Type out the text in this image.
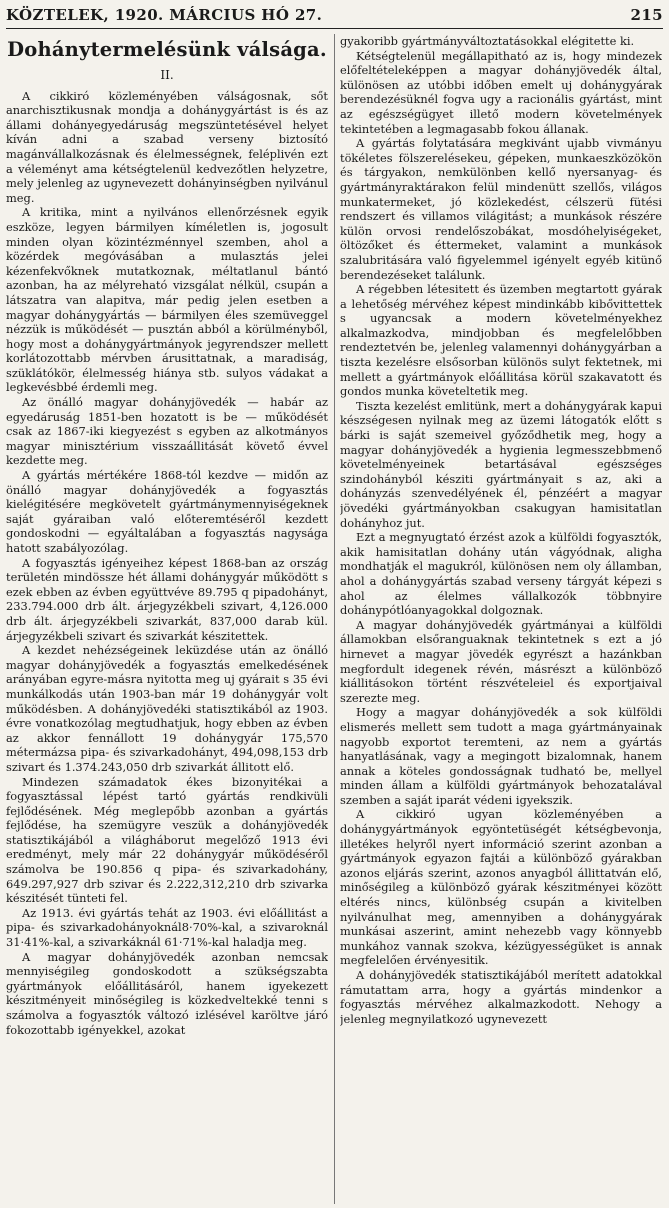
KÖZTELEK, 1920. MÁRCIUS HÓ 27.	215
Dohánytermelésünk válsága.
II.

A cikkiró közleményében válságosnak, sőt anarchisztikusnak mondja a dohánygyártást is és az állami dohányegyedáruság megszüntetésével helyet kíván adni a szabad verseny biztosító magánvállalkozásnak és élelmességnek, feléplivén ezt a véleményt ama kétségtelenül kedvezőtlen helyzetre, mely jelenleg az ugynevezett dohányinségben nyilvánul meg.

A kritika, mint a nyilvános ellenőrzésnek egyik eszköze, legyen bármilyen kíméletlen is, jogosult minden olyan közintézménnyel szemben, ahol a közérdek megóvásában a mulasztás jelei kézenfekvőknek mutatkoznak, méltatlanul bántó azonban, ha az mélyreható vizsgálat nélkül, csupán a látszatra van alapitva, már pedig jelen esetben a magyar dohánygyártás — bármilyen éles szemüveggel nézzük is működését — pusztán abból a körülményből, hogy most a dohánygyártmányok jegyrendszer mellett korlátozottabb mérvben árusittatnak, a maradiság, szüklátókör, élelmesség hiánya stb. sulyos vádakat a legkevésbbé érdemli meg.

Az önálló magyar dohányjövedék — habár az egyedáruság 1851-ben hozatott is be — működését csak az 1867-iki kiegyezést s egyben az alkotmányos magyar minisztérium visszaállitását követő évvel kezdette meg.

A gyártás mértékére 1868-tól kezdve — midőn az önálló magyar dohányjövedék a fogyasztás kielégitésére megkövetelt gyártmánymennyiségeknek saját gyáraiban való előteremtéséről kezdett gondoskodni — egyáltalában a fogyasztás nagysága hatott szabályozólag.

A fogyasztás igényeihez képest 1868-ban az ország területén mindössze hét állami dohánygyár működött s ezek ebben az évben együttvéve 89.795 q pipadohányt, 233.794.000 drb ált. árjegyzékbeli szivart, 4,126.000 drb ált. árjegyzékbeli szivarkát, 837,000 darab kül. árjegyzékbeli szivart és szivarkát készitettek.

A kezdet nehézségeinek leküzdése után az önálló magyar dohányjövedék a fogyasztás emelkedésének arányában egyre-másra nyitotta meg uj gyárait s 35 évi munkálkodás után 1903-ban már 19 dohánygyár volt működésben. A dohányjövedéki statisztikából az 1903. évre vonatkozólag megtudhatjuk, hogy ebben az évben az akkor fennállott 19 dohánygyár 175,570 métermázsa pipa- és szivarkadohányt, 494,098,153 drb szivart és 1.374.243,050 drb szivarkát állitott elő.

Mindezen számadatok ékes bizonyitékai a fogyasztással lépést tartó gyártás rendkivüli fejlődésének. Még meglepőbb azonban a gyártás fejlődése, ha szemügyre veszük a dohányjövedék statisztikájából a világháborut megelőző 1913 évi eredményt, mely már 22 dohánygyár működéséről számolva be 190.856 q pipa- és szivarkadohány, 649.297,927 drb szivar és 2.222,312,210 drb szivarka készitését tünteti fel.

Az 1913. évi gyártás tehát az 1903. évi előállitást a pipa- és szivarkadohányoknál8·70%-kal, a szivaroknál 31·41%-kal, a szivarkáknál 61·71%-kal haladja meg.

A magyar dohányjövedék azonban nemcsak mennyiségileg gondoskodott a szükségszabta gyártmányok előállitásáról, hanem igyekezett készitményeit minőségileg is közkedveltekké tenni s számolva a fogyasztók változó izlésével karöltve járó fokozottabb igényekkel, azokat

gyakoribb gyártmányváltoztatásokkal elégitette ki.

Kétségtelenül megállapitható az is, hogy mindezek előfeltételeképpen a magyar dohányjövedék által, különösen az utóbbi időben emelt uj dohánygyárak berendezésüknél fogva ugy a racionális gyártást, mint az egészségügyet illető modern követelmények tekintetében a legmagasabb fokou állanak.

A gyártás folytatására megkivánt ujabb vivmányu tökéletes fölszerelésekeu, gépeken, munkaeszközökön és tárgyakon, nemkülönben kellő nyersanyag- és gyártmányraktárakon felül mindenütt szellős, világos munkatermeket, jó közlekedést, célszerü fütési rendszert és villamos világitást; a munkások részére külön orvosi rendelőszobákat, mosdóhelyiségeket, öltözőket és éttermeket, valamint a munkások szalubritására való figyelemmel igényelt egyéb kitünő berendezéseket találunk.

A régebben létesitett és üzemben megtartott gyárak a lehetőség mérvéhez képest mindinkább kibővittettek s ugyancsak a modern követelményekhez alkalmazkodva, mindjobban és megfelelőbben rendeztetvén be, jelenleg valamennyi dohánygyárban a tiszta kezelésre elsősorban különös sulyt fektetnek, mi mellett a gyártmányok előállitása körül szakavatott és gondos munka követeltetik meg.

Tiszta kezelést emlitünk, mert a dohánygyárak kapui készségesen nyilnak meg az üzemi látogatók előtt s bárki is saját szemeivel győződhetik meg, hogy a magyar dohányjövedék a hygienia legmesszebbmenő követelményeinek betartásával egészséges szindohányból késziti gyártmányait s az, aki a dohányzás szenvedélyének él, pénzéért a magyar jövedéki gyártmányokban csakugyan hamisitatlan dohányhoz jut.

Ezt a megnyugtató érzést azok a külföldi fogyasztók, akik hamisitatlan dohány után vágyódnak, aligha mondhatják el magukról, különösen nem oly államban, ahol a dohánygyártás szabad verseny tárgyát képezi s ahol az élelmes vállalkozók többnyire dohánypótlóanyagokkal dolgoznak.

A magyar dohányjövedék gyártmányai a külföldi államokban elsőranguaknak tekintetnek s ezt a jó hirnevet a magyar jövedék egyrészt a hazánkban megfordult idegenek révén, másrészt a különböző kiállitásokon történt részvételeiel és exportjaival szerezte meg.

Hogy a magyar dohányjövedék a sok külföldi elismerés mellett sem tudott a maga gyártmányainak nagyobb exportot teremteni, az nem a gyártás hanyatlásának, vagy a megingott bizalomnak, hanem annak a köteles gondosságnak tudható be, mellyel minden állam a külföldi gyártmányok behozatalával szemben a saját iparát védeni igyekszik.

A cikkiró ugyan közleményében a dohánygyártmányok egyöntetüségét kétségbevonja, illetékes helyről nyert információ szerint azonban a gyártmányok egyazon fajtái a különböző gyárakban azonos eljárás szerint, azonos anyagból állittatván elő, minőségileg a különböző gyárak készitményei között eltérés nincs, különbség csupán a kivitelben nyilvánulhat meg, amennyiben a dohánygyárak munkásai aszerint, amint nehezebb vagy könnyebb munkához vannak szokva, kézügyességüket is annak megfelelően érvényesitik.

A dohányjövedék statisztikájából merített adatokkal rámutattam arra, hogy a gyártás mindenkor a fogyasztás mérvéhez alkalmazkodott. Nehogy a jelenleg megnyilatkozó ugynevezett
